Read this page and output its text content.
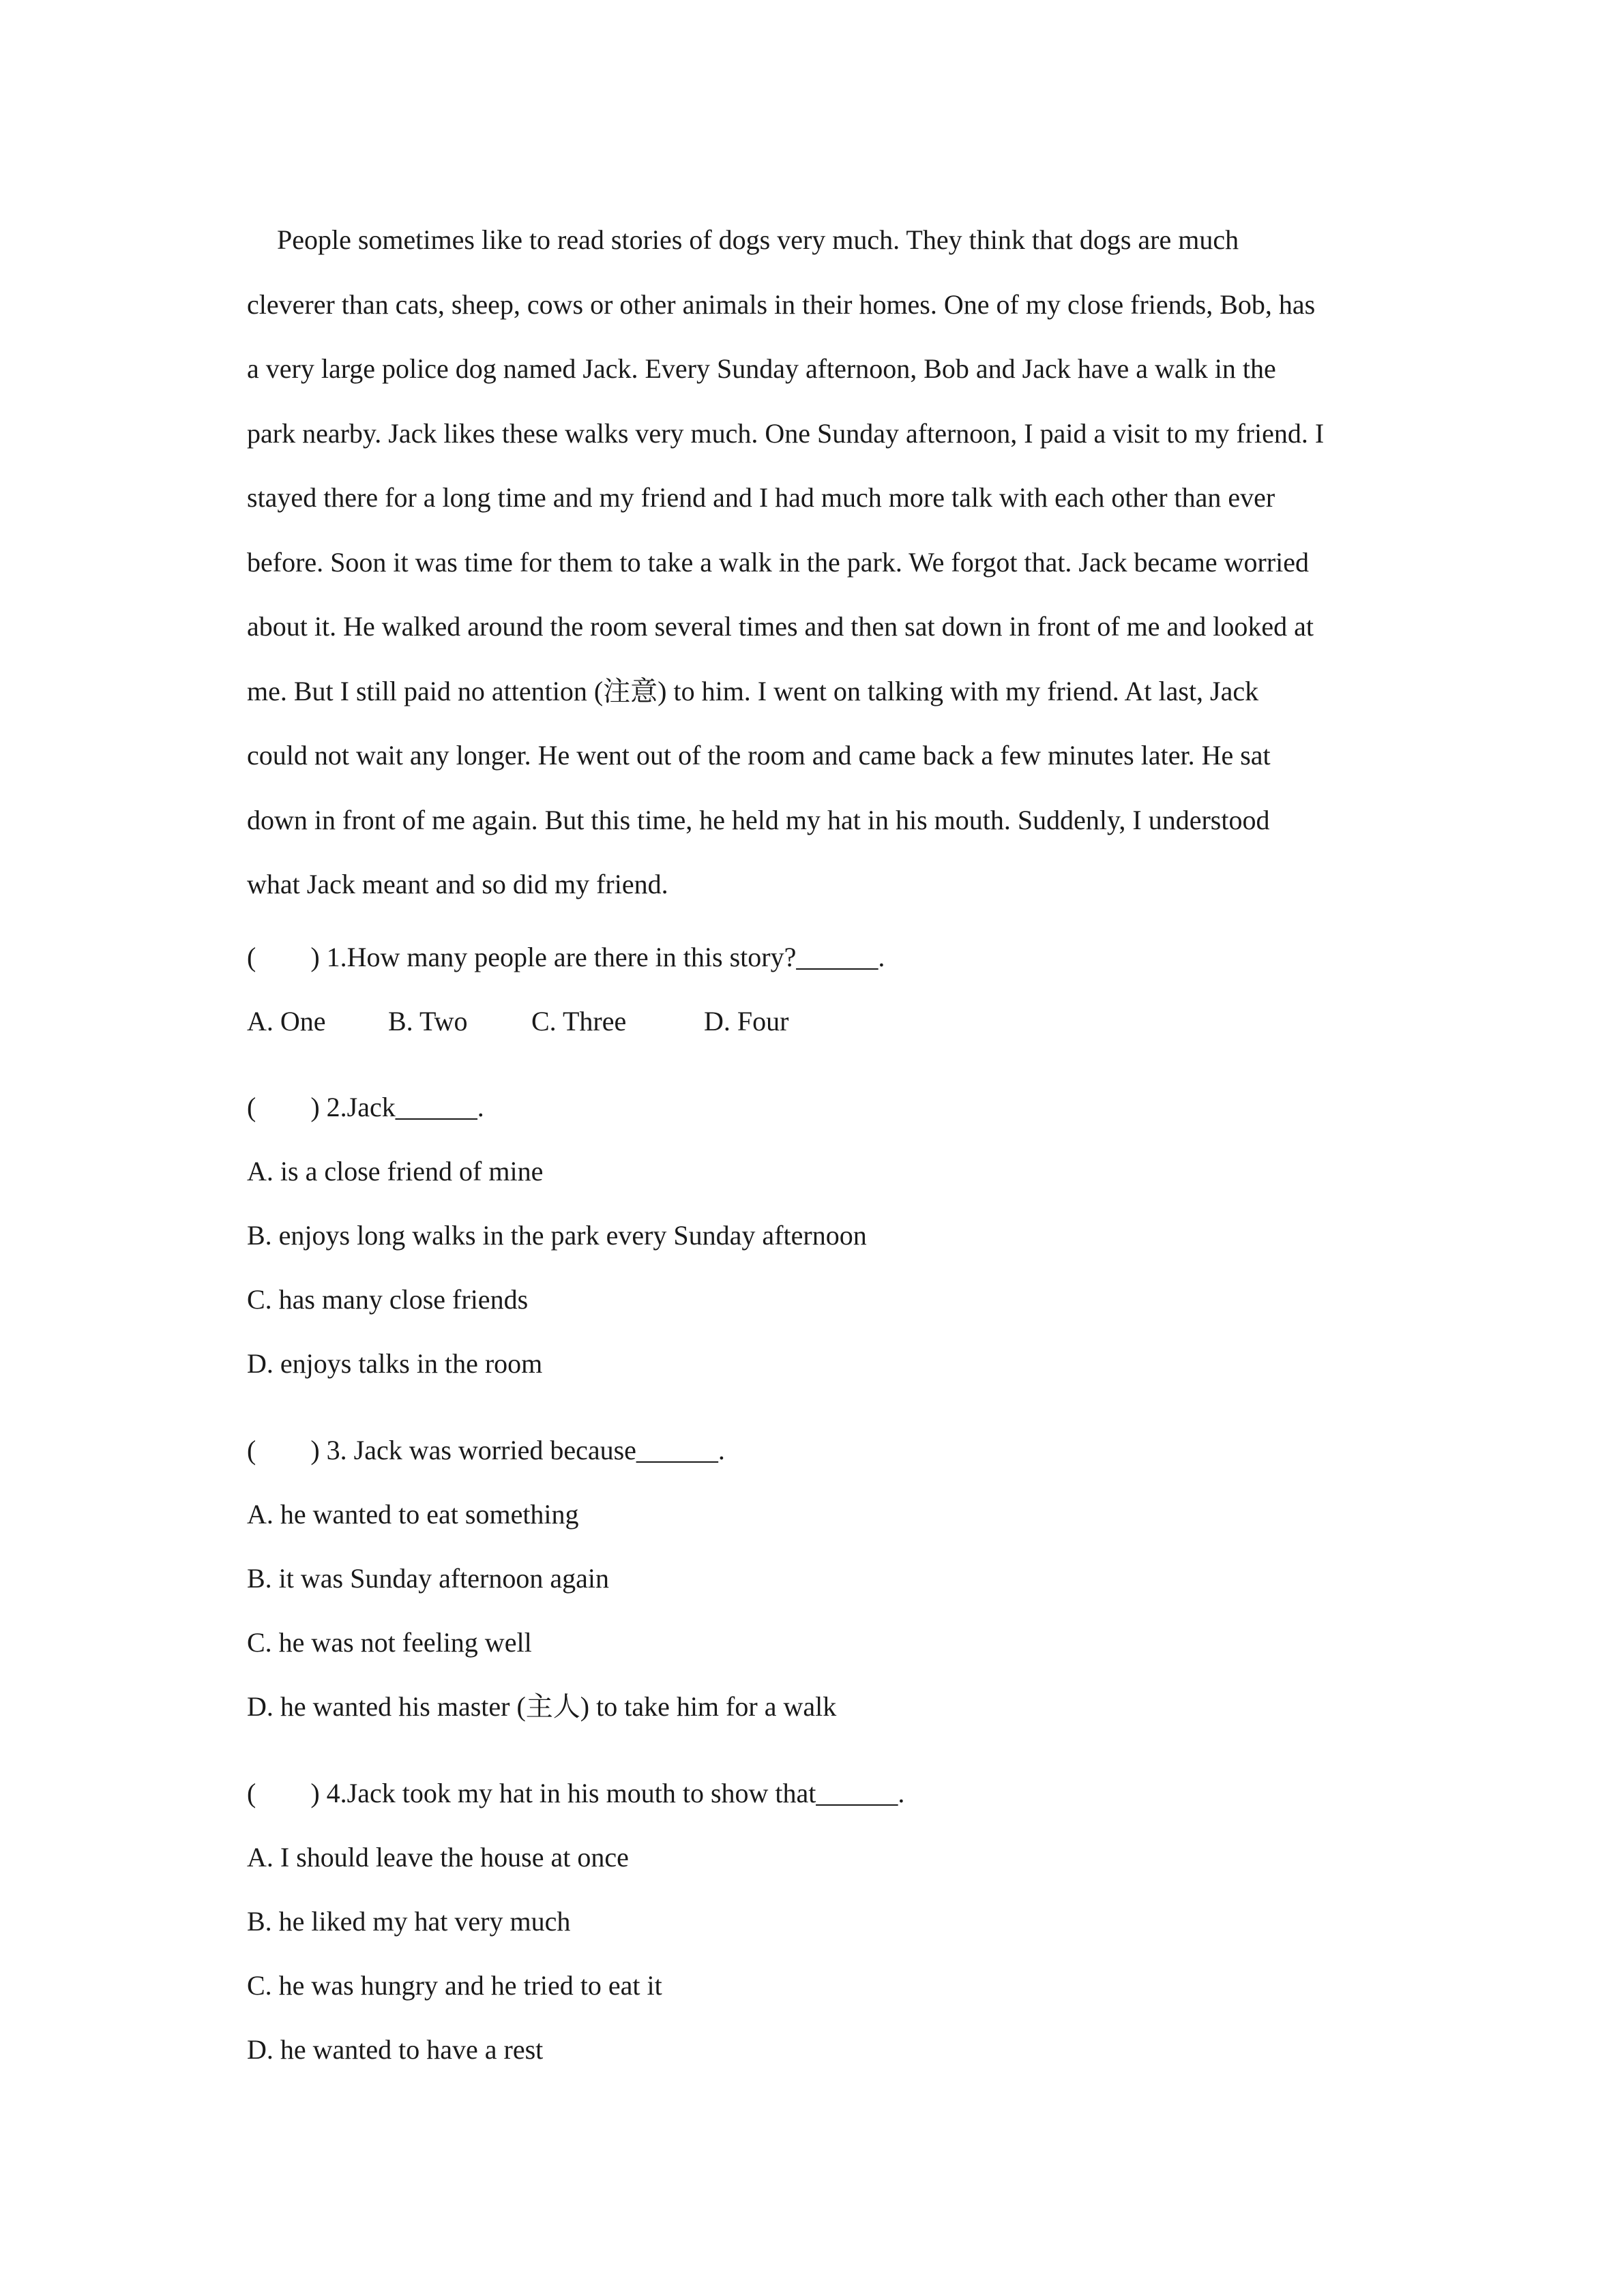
People sometimes like to read stories of dogs very much. They think that dogs are much
cleverer than cats, sheep, cows or other animals in their homes. One of my close friends, Bob, has
a very large police dog named Jack. Every Sunday afternoon, Bob and Jack have a walk in the
park nearby. Jack likes these walks very much. One Sunday afternoon, I paid a visit to my friend. I
stayed there for a long time and my friend and I had much more talk with each other than ever
before. Soon it was time for them to take a walk in the park. We forgot that. Jack became worried
about it. He walked around the room several times and then sat down in front of me and looked at
me. But I still paid no attention (注意) to him. I went on talking with my friend. At last, Jack
could not wait any longer. He went out of the room and came back a few minutes later. He sat
down in front of me again. But this time, he held my hat in his mouth. Suddenly, I understood
what Jack meant and so did my friend.
(        ) 1.How many people are there in this story?______.
A. One	B. Two	C. Three	D. Four
(        ) 2.Jack______.
A. is a close friend of mine
B. enjoys long walks in the park every Sunday afternoon
C. has many close friends
D. enjoys talks in the room
(        ) 3. Jack was worried because______.
A. he wanted to eat something
B. it was Sunday afternoon again
C. he was not feeling well
D. he wanted his master (主人) to take him for a walk
(        ) 4.Jack took my hat in his mouth to show that______.
A. I should leave the house at once
B. he liked my hat very much
C. he was hungry and he tried to eat it
D. he wanted to have a rest
